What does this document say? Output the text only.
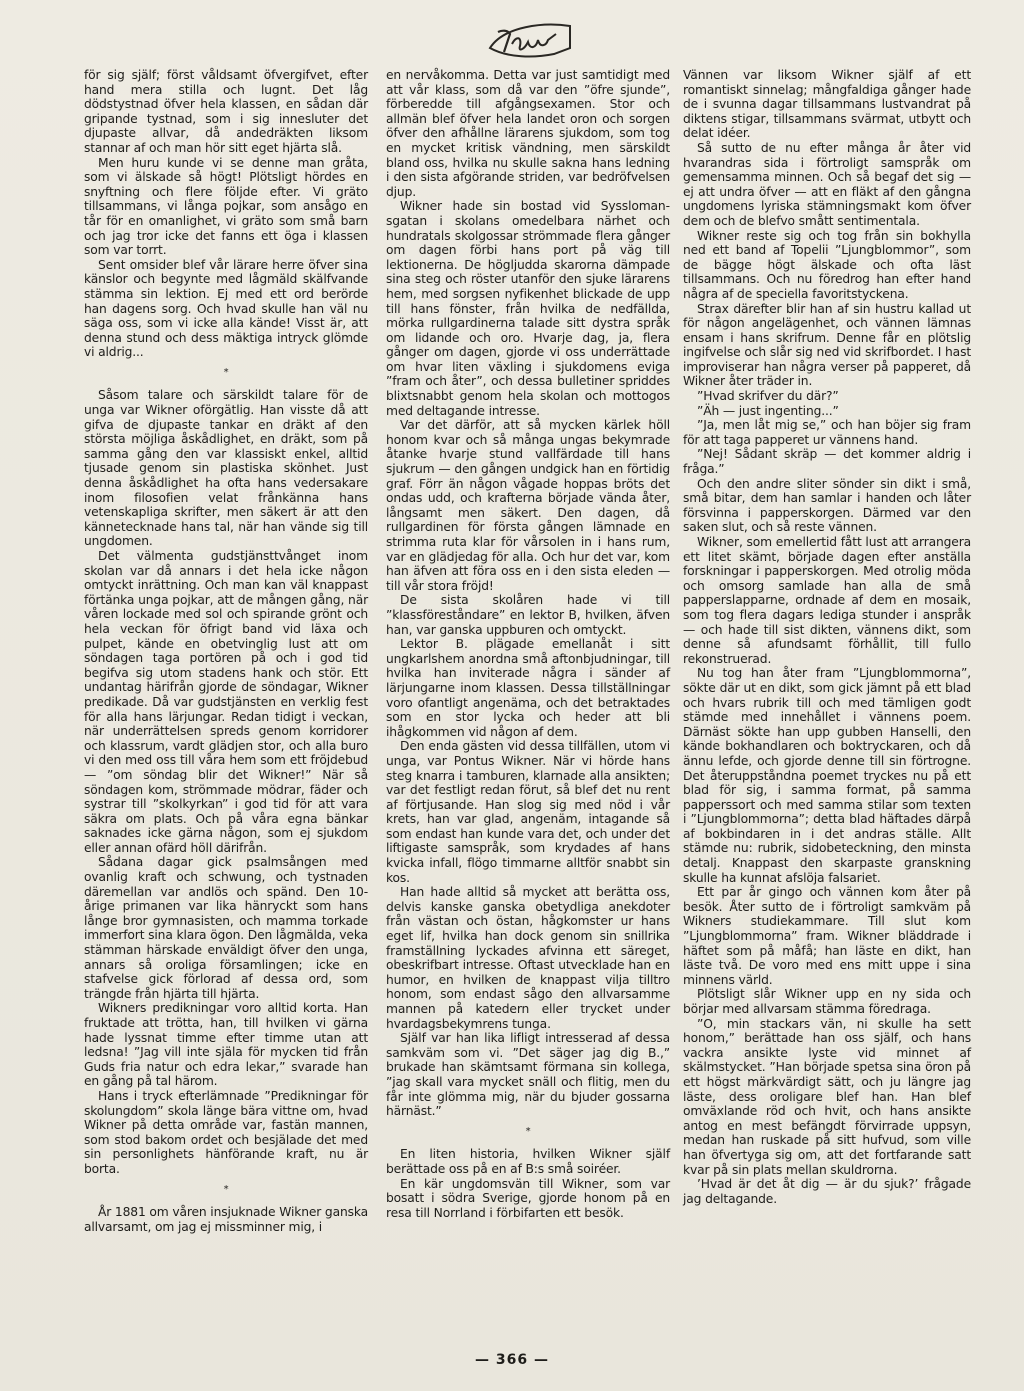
Idun

för sig själf; först våldsamt öfvergifvet, efter hand mera stilla och lugnt. Det låg dödstystnad öfver hela klassen, en sådan där gripande tystnad, som i sig innesluter det djupaste allvar, då andedräkten liksom stannar af och man hör sitt eget hjärta slå.

Men huru kunde vi se denne man gråta, som vi älskade så högt! Plötsligt hördes en snyftning och flere följde efter. Vi gräto tillsammans, vi långa pojkar, som ansågo en tår för en omanlighet, vi gräto som små barn och jag tror icke det fanns ett öga i klassen som var torrt.

Sent omsider blef vår lärare herre öfver sina känslor och begynte med lågmäld skälfvande stämma sin lektion. Ej med ett ord berörde han dagens sorg. Och hvad skulle han väl nu säga oss, som vi icke alla kände! Visst är, att denna stund och dess mäktiga intryck glömde vi aldrig...

*

Såsom talare och särskildt talare för de unga var Wikner oförgätlig. Han visste då att gifva de djupaste tankar en dräkt af den största möjliga åskådlighet, en dräkt, som på samma gång den var klassiskt enkel, alltid tjusade genom sin plastiska skönhet. Just denna åskådlighet ha ofta hans vedersakare inom filosofien velat frånkänna hans vetenskapliga skrifter, men säkert är att den kännetecknade hans tal, när han vände sig till ungdomen.

Det välmenta gudstjänsttvånget inom skolan var då annars i det hela icke någon omtyckt inrättning. Och man kan väl knappast förtänka unga pojkar, att de mången gång, när våren lockade med sol och spirande grönt och hela veckan för öfrigt band vid läxa och pulpet, kände en obetvinglig lust att om söndagen taga portören på och i god tid begifva sig utom stadens hank och stör. Ett undantag härifrån gjorde de söndagar, Wikner predikade. Då var gudstjänsten en verklig fest för alla hans lärjungar. Redan tidigt i veckan, när underrättelsen spreds genom korridorer och klassrum, vardt glädjen stor, och alla buro vi den med oss till våra hem som ett fröjdebud — ”om söndag blir det Wikner!” När så söndagen kom, strömmade mödrar, fäder och systrar till ”skolkyrkan” i god tid för att vara säkra om plats. Och på våra egna bänkar saknades icke gärna någon, som ej sjukdom eller annan ofärd höll därifrån.

Sådana dagar gick psalmsången med ovanlig kraft och schwung, och tystnaden däremellan var andlös och spänd. Den 10-årige primanen var lika hänryckt som hans långe bror gymnasisten, och mamma torkade immerfort sina klara ögon. Den lågmälda, veka stämman härskade enväldigt öfver den unga, annars så oroliga församlingen; icke en stafvelse gick förlorad af dessa ord, som trängde från hjärta till hjärta.

Wikners predikningar voro alltid korta. Han fruktade att trötta, han, till hvilken vi gärna hade lyssnat timme efter timme utan att ledsna! ”Jag vill inte själa för mycken tid från Guds fria natur och edra lekar,” svarade han en gång på tal härom.

Hans i tryck efterlämnade ”Predikningar för skolungdom” skola länge bära vittne om, hvad Wikner på detta område var, fastän mannen, som stod bakom ordet och besjälade det med sin personlighets hänförande kraft, nu är borta.

*

År 1881 om våren insjuknade Wikner ganska allvarsamt, om jag ej missminner mig, i

en nervåkomma. Detta var just samtidigt med att vår klass, som då var den ”öfre sjunde”, förberedde till afgångsexamen. Stor och allmän blef öfver hela landet oron och sorgen öfver den afhållne lärarens sjukdom, som tog en mycket kritisk vändning, men särskildt bland oss, hvilka nu skulle sakna hans ledning i den sista afgörande striden, var bedröfvelsen djup.

Wikner hade sin bostad vid Sysslomansgatan i skolans omedelbara närhet och hundratals skolgossar strömmade flera gånger om dagen förbi hans port på väg till lektionerna. De högljudda skarorna dämpade sina steg och röster utanför den sjuke lärarens hem, med sorgsen nyfikenhet blickade de upp till hans fönster, från hvilka de nedfällda, mörka rullgardinerna talade sitt dystra språk om lidande och oro. Hvarje dag, ja, flera gånger om dagen, gjorde vi oss underrättade om hvar liten växling i sjukdomens eviga ”fram och åter”, och dessa bulletiner spriddes blixtsnabbt genom hela skolan och mottogos med deltagande intresse.

Var det därför, att så mycken kärlek höll honom kvar och så många ungas bekymrade åtanke hvarje stund vallfärdade till hans sjukrum — den gången undgick han en förtidig graf. Förr än någon vågade hoppas bröts det ondas udd, och krafterna började vända åter, långsamt men säkert. Den dagen, då rullgardinen för första gången lämnade en strimma ruta klar för vårsolen in i hans rum, var en glädjedag för alla. Och hur det var, kom han äfven att föra oss en i den sista eleden — till vår stora fröjd!

De sista skolåren hade vi till ”klassföreståndare” en lektor B, hvilken, äfven han, var ganska uppburen och omtyckt.

Lektor B. plägade emellanåt i sitt ungkarlshem anordna små aftonbjudningar, till hvilka han inviterade några i sänder af lärjungarne inom klassen. Dessa tillställningar voro ofantligt angenäma, och det betraktades som en stor lycka och heder att bli ihågkommen vid någon af dem.

Den enda gästen vid dessa tillfällen, utom vi unga, var Pontus Wikner. När vi hörde hans steg knarra i tamburen, klarnade alla ansikten; var det festligt redan förut, så blef det nu rent af förtjusande. Han slog sig med nöd i vår krets, han var glad, angenäm, intagande så som endast han kunde vara det, och under det liftigaste samspråk, som krydades af hans kvicka infall, flögo timmarne alltför snabbt sin kos.

Han hade alltid så mycket att berätta oss, delvis kanske ganska obetydliga anekdoter från västan och östan, hågkomster ur hans eget lif, hvilka han dock genom sin snillrika framställning lyckades afvinna ett säreget, obeskrifbart intresse. Oftast utvecklade han en humor, en hvilken de knappast vilja tilltro honom, som endast sågo den allvarsamme mannen på katedern eller trycket under hvardagsbekymrens tunga.

Själf var han lika lifligt intresserad af dessa samkväm som vi. ”Det säger jag dig B.,” brukade han skämtsamt förmana sin kollega, ”jag skall vara mycket snäll och flitig, men du får inte glömma mig, när du bjuder gossarna härnäst.”

*

En liten historia, hvilken Wikner själf berättade oss på en af B:s små soiréer.

En kär ungdomsvän till Wikner, som var bosatt i södra Sverige, gjorde honom på en resa till Norrland i förbifarten ett besök.

Vännen var liksom Wikner själf af ett romantiskt sinnelag; mångfaldiga gånger hade de i svunna dagar tillsammans lustvandrat på diktens stigar, tillsammans svärmat, utbytt och delat idéer.

Så sutto de nu efter många år åter vid hvarandras sida i förtroligt samspråk om gemensamma minnen. Och så begaf det sig — ej att undra öfver — att en fläkt af den gångna ungdomens lyriska stämningsmakt kom öfver dem och de blefvo smått sentimentala.

Wikner reste sig och tog från sin bokhylla ned ett band af Topelii ”Ljungblommor”, som de bägge högt älskade och ofta läst tillsammans. Och nu föredrog han efter hand några af de speciella favoritstyckena.

Strax därefter blir han af sin hustru kallad ut för någon angelägenhet, och vännen lämnas ensam i hans skrifrum. Denne får en plötslig ingifvelse och slår sig ned vid skrifbordet. I hast improviserar han några verser på papperet, då Wikner åter träder in.

”Hvad skrifver du där?”

”Äh — just ingenting...”

”Ja, men låt mig se,” och han böjer sig fram för att taga papperet ur vännens hand.

”Nej! Sådant skräp — det kommer aldrig i fråga.”

Och den andre sliter sönder sin dikt i små, små bitar, dem han samlar i handen och låter försvinna i papperskorgen. Därmed var den saken slut, och så reste vännen.

Wikner, som emellertid fått lust att arrangera ett litet skämt, började dagen efter anställa forskningar i papperskorgen. Med otrolig möda och omsorg samlade han alla de små papperslapparne, ordnade af dem en mosaik, som tog flera dagars lediga stunder i anspråk — och hade till sist dikten, vännens dikt, som denne så afundsamt förhållit, till fullo rekonstruerad.

Nu tog han åter fram ”Ljungblommorna”, sökte där ut en dikt, som gick jämnt på ett blad och hvars rubrik till och med tämligen godt stämde med innehållet i vännens poem. Därnäst sökte han upp gubben Hanselli, den kände bokhandlaren och boktryckaren, och då ännu lefde, och gjorde denne till sin förtrogne. Det återuppståndna poemet tryckes nu på ett blad för sig, i samma format, på samma papperssort och med samma stilar som texten i ”Ljungblommorna”; detta blad häftades därpå af bokbindaren in i det andras ställe. Allt stämde nu: rubrik, sidobeteckning, den minsta detalj. Knappast den skarpaste granskning skulle ha kunnat afslöja falsariet.

Ett par år gingo och vännen kom åter på besök. Åter sutto de i förtroligt samkväm på Wikners studiekammare. Till slut kom ”Ljungblommorna” fram. Wikner bläddrade i häftet som på måfå; han läste en dikt, han läste två. De voro med ens mitt uppe i sina minnens värld.

Plötsligt slår Wikner upp en ny sida och börjar med allvarsam stämma föredraga.

”O, min stackars vän, ni skulle ha sett honom,” berättade han oss själf, och hans vackra ansikte lyste vid minnet af skälmstycket. ”Han började spetsa sina öron på ett högst märkvärdigt sätt, och ju längre jag läste, dess oroligare blef han. Han blef omväxlande röd och hvit, och hans ansikte antog en mest befängdt förvirrade uppsyn, medan han ruskade på sitt hufvud, som ville han öfvertyga sig om, att det fortfarande satt kvar på sin plats mellan skuldrorna.

’Hvad är det åt dig — är du sjuk?’ frågade jag deltagande.

— 366 —
